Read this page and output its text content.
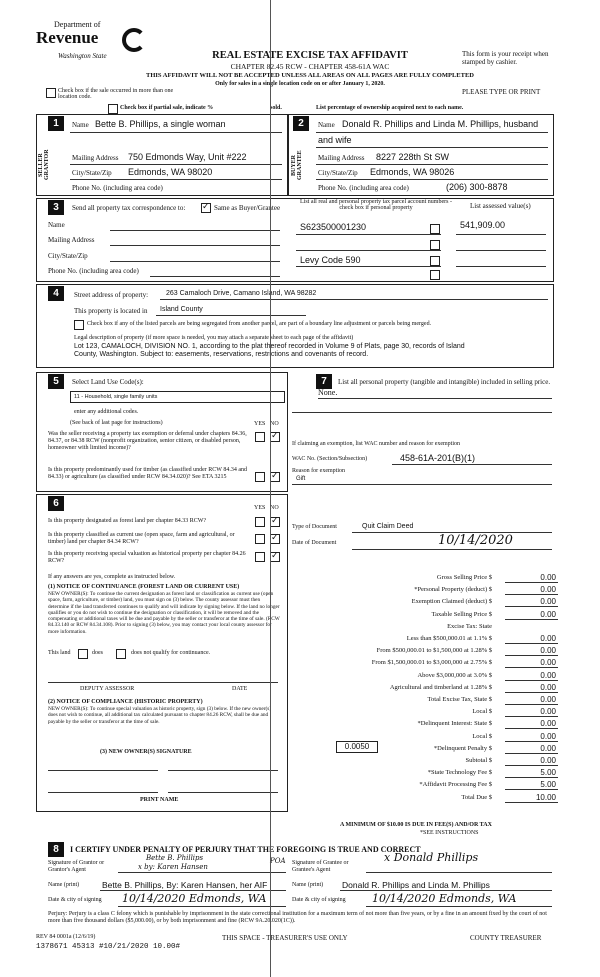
Department of
Revenue
Washington State	REAL ESTATE EXCISE TAX AFFIDAVIT
CHAPTER 82.45 RCW - CHAPTER 458-61A WAC
THIS AFFIDAVIT WILL NOT BE ACCEPTED UNLESS ALL AREAS ON ALL PAGES ARE FULLY COMPLETED
Only for sales in a single location code on or after January 1, 2020.
This form is your receipt when stamped by cashier.
PLEASE TYPE OR PRINT
Check box if the sale occurred in more than one location code.
Check box if partial sale, indicate %	sold.	List percentage of ownership acquired next to each name.
1	2
SELLER GRANTOR	BUYER GRANTEE
Name Bette B. Phillips, a single woman
Mailing Address 750 Edmonds Way, Unit #222
City/State/Zip Edmonds, WA 98020
Phone No. (including area code)
Name Donald R. Phillips and Linda M. Phillips, husband
and wife
Mailing Address 8227 228th St SW
City/State/Zip Edmonds, WA 98026
Phone No. (including area code)	(206) 300-8878
3	Send all property tax correspondence to: ✓	Same as Buyer/Grantee
Name
Mailing Address
City/State/Zip
Phone No. (including area code)
List all real and personal property tax parcel account numbers - check box if personal property	List assessed value(s)
S623500001230	541,909.00
Levy Code 590
4	Street address of property:	263 Camaloch Drive, Camano Island, WA 98282
This property is located in Island County
Check box if any of the listed parcels are being segregated from another parcel, are part of a boundary line adjustment or parcels being merged.
Legal description of property (if more space is needed, you may attach a separate sheet to each page of the affidavit)
Lot 123, CAMALOCH, DIVISION NO. 1, according to the plat thereof recorded in Volume 9 of Plats, page 30, records of Island
County, Washington. Subject to: easements, reservations, restrictions and covenants of record.
5	Select Land Use Code(s):
11 - Household, single family units
enter any additional codes.
(See back of last page for instructions)	YES NO
Was the seller receiving a property tax exemption or deferral under chapters 84.36, 84.37, or 84.38 RCW (nonprofit organization, senior citizen, or disabled person, homeowner with limited income)?
✓
Is this property predominantly used for timber (as classified under RCW 84.34 and 84.33) or agriculture (as classified under RCW 84.34.020)? See ETA 3215
✓
6	YES NO
Is this property designated as forest land per chapter 84.33 RCW?
✓
Is this property classified as current use (open space, farm and agricultural, or timber) land per chapter 84.34 RCW?
✓
Is this property receiving special valuation as historical property per chapter 84.26 RCW?
✓
If any answers are yes, complete as instructed below.
(1) NOTICE OF CONTINUANCE (FOREST LAND OR CURRENT USE)
NEW OWNER(S): To continue the current designation as forest land or classification as current use (open space, farm, agriculture, or timber) land, you must sign on (3) below. The county assessor must then determine if the land transferred continues to qualify and will indicate by signing below. If the land no longer qualifies or you do not wish to continue the designation or classification, it will be removed and the compensating or additional taxes will be due and payable by the seller or transferor at the time of sale. (RCW 84.33.140 or RCW 84.34.108). Prior to signing (3) below, you may contact your local county assessor for more information.
This land	does	does not qualify for continuance.
DEPUTY ASSESSOR	DATE
(2) NOTICE OF COMPLIANCE (HISTORIC PROPERTY)
NEW OWNER(S): To continue special valuation as historic property, sign (3) below. If the new owner(s) does not wish to continue, all additional tax calculated pursuant to chapter 84.26 RCW, shall be due and payable by the seller or transferor at the time of sale.
(3) NEW OWNER(S) SIGNATURE
PRINT NAME
7	List all personal property (tangible and intangible) included in selling price.
None.
If claiming an exemption, list WAC number and reason for exemption
WAC No. (Section/Subsection)	458-61A-201(B)(1)
Reason for exemption
Gift
Type of Document	Quit Claim Deed
Date of Document	10/14/2020
Gross Selling Price $	0.00
*Personal Property (deduct) $	0.00
Exemption Claimed (deduct) $	0.00
Taxable Selling Price $	0.00
Excise Tax: State
Less than $500,000.01 at 1.1% $	0.00
From $500,000.01 to $1,500,000 at 1.28% $	0.00
From $1,500,000.01 to $3,000,000 at 2.75% $	0.00
Above $3,000,000 at 3.0% $	0.00
Agricultural and timberland at 1.28% $	0.00
Total Excise Tax, State $	0.00
Local $	0.00
*Delinquent Interest: State $	0.00
Local $	0.00
*Delinquent Penalty $	0.00
Subtotal $	0.00
*State Technology Fee $	5.00
*Affidavit Processing Fee $	5.00
Total Due $	10.00
0.0050
A MINIMUM OF $10.00 IS DUE IN FEE(S) AND/OR TAX
*SEE INSTRUCTIONS
8	I CERTIFY UNDER PENALTY OF PERJURY THAT THE FOREGOING IS TRUE AND CORRECT
Signature of Grantor or Grantor's Agent
Bette B. Phillips
x by: Karen Hansen
POA Signature of Grantee or Grantee's Agent
x Donald Phillips
Name (print)	Bette B. Phillips, By: Karen Hansen, her AIF	Name (print) Donald R. Phillips and Linda M. Phillips
Date & city of signing 10/14/2020 Edmonds, WA	Date & city of signing 10/14/2020 Edmonds, WA
Perjury: Perjury is a class C felony which is punishable by imprisonment in the state correctional institution for a maximum term of not more than five years, or by a fine in an amount fixed by the court of not more than five thousand dollars ($5,000.00), or by both imprisonment and fine (RCW 9A.20.020(1C)).
REV 84 0001a (12/6/19)
1378671 45313 #10/21/2020 10.00#
THIS SPACE - TREASURER'S USE ONLY	COUNTY TREASURER
